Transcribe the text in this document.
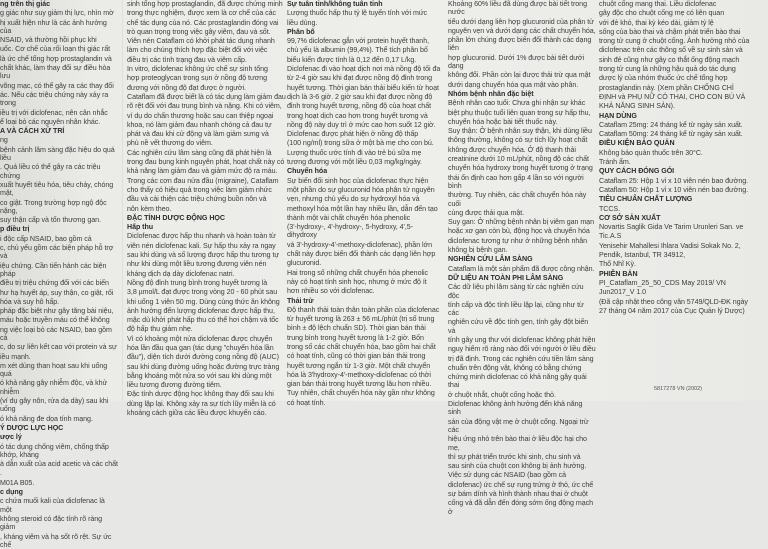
ng trên thị giác

g giác như suy giảm thị lực, nhìn mờ

hị xuất hiện như là các ảnh hưởng của

NSAID, và thường hồi phục khi

uốc. Cơ chế của rối loạn thị giác rất

là ức chế tổng hợp prostaglandin và

chất khác, làm thay đổi sự điều hòa lưu

võng mạc, có thể gây ra các thay đổi

ác. Nếu các triệu chứng này xảy ra trong

iều trị với diclofenac, nên cân nhắc

ể loại bỏ các nguyên nhân khác.

A VÀ CÁCH XỬ TRÍ

ng

bệnh cảnh lâm sàng đặc hiệu do quá liều

. Quá liều có thể gây ra các triệu chứng

xuất huyết tiêu hóa, tiêu chảy, chóng mặt,

co giật. Trong trường hợp ngộ độc nặng,

suy thận cấp và tổn thương gan.

p điều trị

i độc cấp NSAID, bao gồm cả

c, chủ yếu gồm các biện pháp hỗ trợ và

iệu chứng. Cần tiến hành các biện pháp

điều trị triệu chứng đối với các biến

hư hạ huyết áp, suy thận, co giật, rối

hóa và suy hô hấp.

pháp đặc biệt như gây tăng bài niệu,

máu hoặc truyền máu có thể không

ng việc loại bỏ các NSAID, bao gồm cả

c, do sự liên kết cao với protein và sự

iều mạnh.

m xét dùng than hoạt sau khi uống quá

ó khả năng gây nhiễm độc, và khử nhiễm

(ví dụ gây nôn, rửa dạ dày) sau khi uống

ó khả năng đe dọa tính mạng.

Ý DƯỢC LỰC HỌC

ược lý

ó tác dụng chống viêm, chống thấp khớp, kháng

à dẫn xuất của acid acetic và các chất

.

M01A B05.

c dụng

c chứa muối kali của diclofenac là một

không steroid có đặc tính rõ ràng giảm

, kháng viêm và hạ sốt rõ rệt. Sự ức chế

sinh tổng hợp prostaglandin, đã được chứng minh

trong thực nghiệm, được xem là cơ chế của các

chế tác dụng của nó. Các prostaglandin đóng vai

trò quan trọng trong việc gây viêm, đau và sốt.

Viên nén Cataflam có khởi phát tác dụng nhanh

làm cho chúng thích hợp đặc biệt đối với việc

điều trị các tình trạng đau và viêm cấp.

In vitro, diclofenac không ức chế sự sinh tổng

hợp proteoglycan trong sụn ở nồng độ tương

đương với nồng độ đạt được ở người.

Cataflam đã được biết là có tác dụng làm giảm đau

rõ rệt đối với đau trung bình và nặng. Khi có viêm,

ví dụ do chấn thương hoặc sau can thiệp ngoại

khoa, nó làm giảm đau nhanh chóng cả đau tự

phát và đau khi cử động và làm giảm sưng và

phù nề vết thương do viêm.

Các nghiên cứu lâm sàng cũng đã phát hiện là

trong đau bụng kinh nguyên phát, hoạt chất này có

khả năng làm giảm đau và giảm mức độ ra máu.

Trong các cơn đau nửa đầu (migraine), Cataflam

cho thấy có hiệu quả trong việc làm giảm nhức

đầu và cải thiện các triệu chứng buồn nôn và

nôn kèm theo.

ĐẶC TÍNH DƯỢC ĐỘNG HỌC

Hấp thu

Diclofenac được hấp thu nhanh và hoàn toàn từ

viên nén diclofenac kali. Sự hấp thu xảy ra ngay

sau khi dùng và số lượng được hấp thu tương tự

như khi dùng một liều tương đương viên nén

kháng dịch dạ dày diclofenac natri.

Nồng độ đỉnh trung bình trong huyết tương là

3,8 µmol/L đạt được trong vòng 20 - 60 phút sau

khi uống 1 viên 50 mg. Dùng cùng thức ăn không

ảnh hưởng đến lượng diclofenac được hấp thu,

mặc dù khởi phát hấp thu có thể hơi chậm và tốc

độ hấp thu giảm nhẹ.

Vì có khoảng một nửa diclofenac được chuyển

hóa lần đầu qua gan (tác dụng "chuyển hóa lần

đầu"), diện tích dưới đường cong nồng độ (AUC)

sau khi dùng đường uống hoặc đường trực tràng

bằng khoảng một nửa so với sau khi dùng một

liều tương đương đường tiêm.

Đặc tính dược động học không thay đổi sau khi

dùng lặp lại. Không xảy ra sự tích lũy miễn là có

khoảng cách giữa các liều được khuyến cáo.

Sự tuân tỉnh/không tuân tỉnh

Lượng thuốc hấp thu tỷ lệ tuyến tính với mức

liều dùng.

Phân bố

99,7% diclofenac gắn với protein huyết thanh,

chủ yếu là albumin (99,4%). Thể tích phân bố

biểu kiến được tính là 0,12 đến 0,17 L/kg.

Diclofenac đi vào hoạt dịch nơi mà nồng độ tối đa

từ 2-4 giờ sau khi đạt được nồng độ đỉnh trong

huyết tương. Thời gian bán thải biểu kiến từ hoạt

dịch là 3-6 giờ. 2 giờ sau khi đạt được nồng độ

đỉnh trong huyết tương, nồng độ của hoạt chất

trong hoạt dịch cao hơn trong huyết tương và

nồng độ này duy trì ở mức cao hơn suốt 12 giờ.

Diclofenac được phát hiện ở nồng độ thấp

(100 ng/ml) trong sữa ở một bà mẹ cho con bú.

Lượng thuốc ước tính đi vào trẻ bú sữa mẹ

tương đương với một liều 0,03 mg/kg/ngày.

Chuyển hóa

Sự biến đổi sinh học của diclofenac thực hiện

một phần do sự glucuronid hóa phân tử nguyên

vẹn, nhưng chủ yếu do sự hydroxyl hóa và

methoxyl hóa một lần hay nhiều lần, dẫn đến tạo

thành một vài chất chuyển hóa phenolic

(3'-hydroxy-, 4'-hydroxy-, 5-hydroxy, 4',5-dihydroxy

và 3'-hydroxy-4'-methoxy-diclofenac), phần lớn

chất này được biến đổi thành các dạng liên hợp

glucuronid.

Hai trong số những chất chuyển hóa phenolic

này có hoạt tính sinh học, nhưng ở mức độ ít

hơn nhiều so với diclofenac.

Thải trừ

Độ thanh thải toàn thân toàn phần của diclofenac

từ huyết tương là 263 ± 56 mL/phút (trị số trung

bình ± độ lệch chuẩn SD). Thời gian bán thải

trung bình trong huyết tương là 1-2 giờ. Bốn

trong số các chất chuyển hóa, bao gồm hai chất

có hoạt tính, cũng có thời gian bán thải trong

huyết tương ngắn từ 1-3 giờ. Một chất chuyển

hóa là 3'hydroxy-4'-methoxy-diclofenac có thời

gian bán thải trong huyết tương lâu hơn nhiều.

Tuy nhiên, chất chuyển hóa này gần như không

có hoạt tính.

Khoảng 60% liều đã dùng được bài tiết trong nước

tiểu dưới dạng liên hợp glucuronid của phân tử

nguyên vẹn và dưới dạng các chất chuyển hóa,

phần lớn chúng được biến đổi thành các dạng liên

hợp glucuronid. Dưới 1% được bài tiết dưới dạng

không đổi. Phần còn lại được thải trừ qua mật

dưới dạng chuyển hóa qua mật vào phân.

Nhóm bệnh nhân đặc biệt

Bệnh nhân cao tuổi: Chưa ghi nhận sự khác

biệt phụ thuộc tuổi liên quan trong sự hấp thu,

chuyển hóa hoặc bài tiết thuốc này.

Suy thận: Ở bệnh nhân suy thận, khi dùng liều

thông thường, không có sự tích lũy hoạt chất

không được chuyển hóa. Ở độ thanh thải

creatinine dưới 10 mL/phút, nồng độ các chất

chuyển hóa hydroxy trong huyết tương ở trạng

thái ổn định cao hơn gấp 4 lần so với người bình

thường. Tuy nhiên, các chất chuyển hóa này cuối

cùng được thải qua mật.

Suy gan: Ở những bệnh nhân bị viêm gan mạn

hoặc xơ gan còn bù, động học và chuyển hóa

diclofenac tương tự như ở những bệnh nhân

không bị bệnh gan.

NGHIÊN CỨU LÂM SÀNG

Cataflam là một sản phẩm đã được công nhận.

DỮ LIỆU AN TOÀN PHI LÂM SÀNG

Các dữ liệu phi lâm sàng từ các nghiên cứu độc

tính cấp và độc tính liều lặp lại, cũng như từ các

nghiên cứu về độc tính gen, tính gây đột biến và

tính gây ung thư với diclofenac không phát hiện

nguy hiểm rõ ràng nào đối với người ở liều điều

trị đã định. Trong các nghiên cứu tiền lâm sàng

chuẩn trên động vật, không có bằng chứng

chứng minh diclofenac có khả năng gây quái thai

ở chuột nhắt, chuột cống hoặc thỏ.

Diclofenac không ảnh hưởng đến khả năng sinh

sản của động vật mẹ ở chuột cống. Ngoại trừ các

hiệu ứng nhỏ trên bào thai ở liều độc hại cho mẹ,

thì sự phát triển trước khi sinh, chu sinh và

sau sinh của chuột con không bị ảnh hưởng.

Việc sử dụng các NSAID (bao gồm cả

diclofenac) ức chế sự rụng trứng ở thỏ, ức chế

sự bám dính và hình thành nhau thai ở chuột

cống và đã dẫn đến đóng sớm ống động mạch ở

chuột cống mang thai. Liều diclofenac

gây độc cho chuột cống mẹ có liên quan

với đẻ khó, thai kỳ kéo dài, giảm tỷ lệ

sống của bào thai và chậm phát triển bào thai

trong tử cung ở chuột cống. Ảnh hưởng nhỏ của

diclofenac trên các thông số về sự sinh sản và

sinh đẻ cũng như gây co thắt ống động mạch

trong tử cung là những hậu quả do tác dụng

dược lý của nhóm thuốc ức chế tổng hợp

prostaglandin này. (Xem phần CHỐNG CHỈ

ĐỊNH và PHỤ NỮ CÓ THAI, CHO CON BÚ VÀ

KHẢ NĂNG SINH SẢN).

HẠN DÙNG

Cataflam 25mg: 24 tháng kể từ ngày sản xuất.

Cataflam 50mg: 24 tháng kể từ ngày sản xuất.

ĐIỀU KIỆN BẢO QUẢN

Không bảo quản thuốc trên 30°C.

Tránh ẩm.

QUY CÁCH ĐÓNG GÓI

Cataflam 25: Hộp 1 vỉ x 10 viên nén bao đường.

Cataflam 50: Hộp 1 vỉ x 10 viên nén bao đường.

TIÊU CHUẨN CHẤT LƯỢNG

TCCS.

CƠ SỞ SẢN XUẤT

Novartis Saglik Gida Ve Tarim Urunleri San. ve

Tic.A.S

Yenisehir Mahallesi Ihlara Vadisi Sokak No. 2,

Pendik, Istanbul, TR 34912,

Thổ Nhĩ Kỳ.

PHIÊN BẢN

PI_Cataflam_25_50_CDS May 2019/ VN

Jun2017_V 1.0

(Đã cập nhật theo công văn 5749/QLD-ĐK ngày

27 tháng 04 năm 2017 của Cục Quản lý Dược)

5817278 VN (2002)
